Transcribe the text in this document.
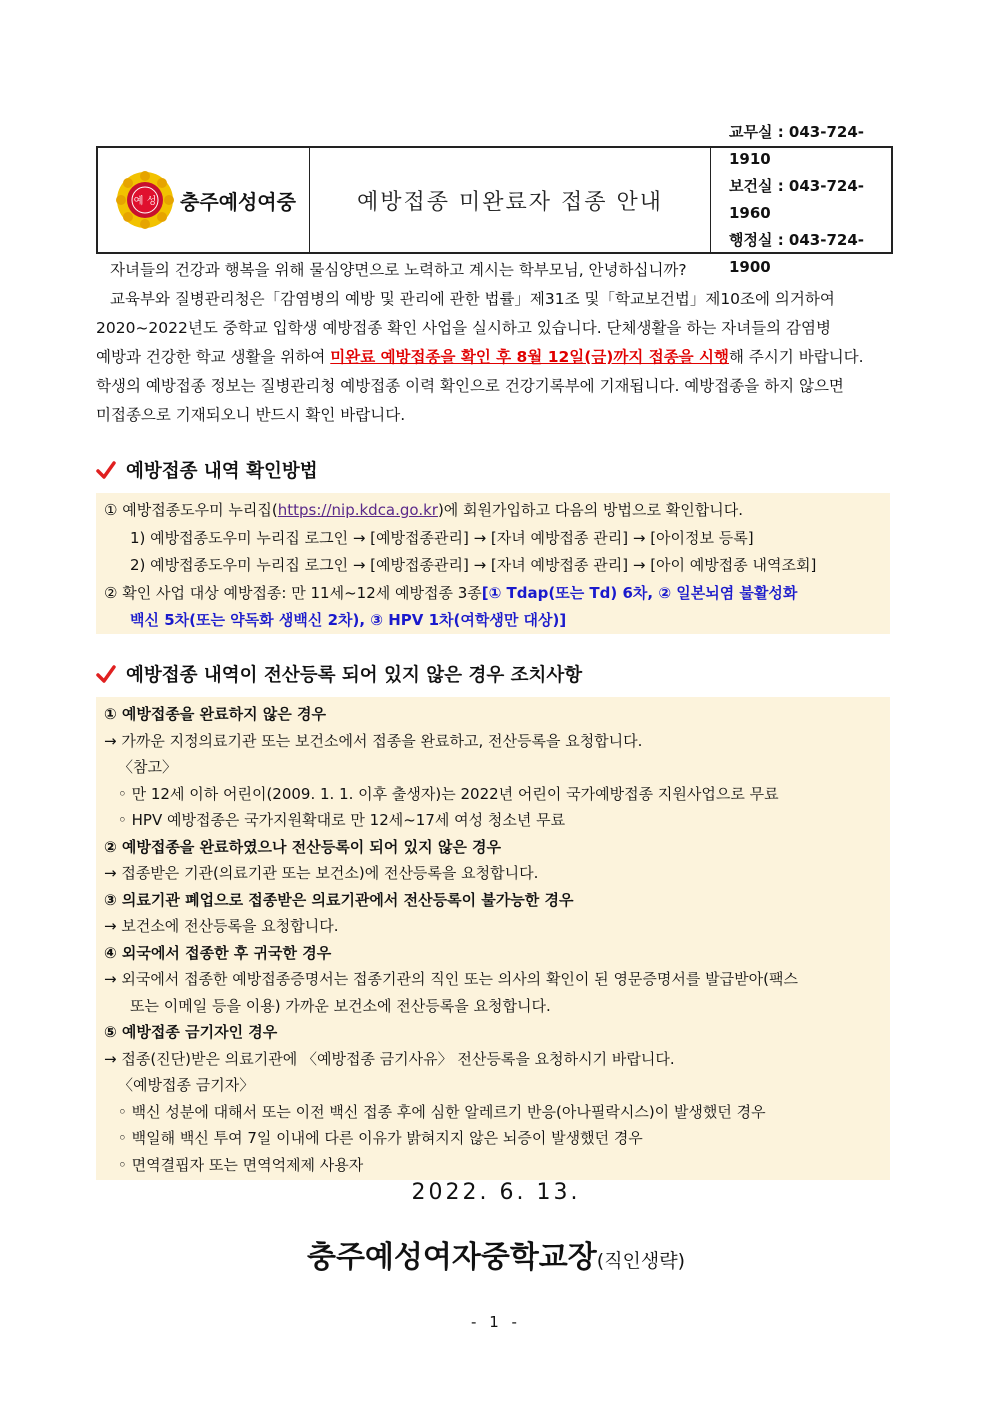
예 성 충주예성여중	예방접종 미완료자 접종 안내
교무실 : 043-724-1910
보건실 : 043-724-1960
행정실 : 043-724-1900

자녀들의 건강과 행복을 위해 물심양면으로 노력하고 계시는 학부모님, 안녕하십니까?

교육부와 질병관리청은「감염병의 예방 및 관리에 관한 법률」제31조 및「학교보건법」제10조에 의거하여

2020~2022년도 중학교 입학생 예방접종 확인 사업을 실시하고 있습니다. 단체생활을 하는 자녀들의 감염병

예방과 건강한 학교 생활을 위하여 미완료 예방접종을 확인 후 8월 12일(금)까지 접종을 시행해 주시기 바랍니다.

학생의 예방접종 정보는 질병관리청 예방접종 이력 확인으로 건강기록부에 기재됩니다. 예방접종을 하지 않으면

미접종으로 기재되오니 반드시 확인 바랍니다.

예방접종 내역 확인방법
① 예방접종도우미 누리집(https://nip.kdca.go.kr)에 회원가입하고 다음의 방법으로 확인합니다.
1) 예방접종도우미 누리집 로그인 → [예방접종관리] → [자녀 예방접종 관리] → [아이정보 등록]
2) 예방접종도우미 누리집 로그인 → [예방접종관리] → [자녀 예방접종 관리] → [아이 예방접종 내역조회]
② 확인 사업 대상 예방접종: 만 11세~12세 예방접종 3종[① Tdap(또는 Td) 6차, ② 일본뇌염 불활성화
백신 5차(또는 약독화 생백신 2차), ③ HPV 1차(여학생만 대상)]
예방접종 내역이 전산등록 되어 있지 않은 경우 조치사항
① 예방접종을 완료하지 않은 경우
→ 가까운 지정의료기관 또는 보건소에서 접종을 완료하고, 전산등록을 요청합니다.
〈참고〉
◦ 만 12세 이하 어린이(2009. 1. 1. 이후 출생자)는 2022년 어린이 국가예방접종 지원사업으로 무료
◦ HPV 예방접종은 국가지원확대로 만 12세~17세 여성 청소년 무료
② 예방접종을 완료하였으나 전산등록이 되어 있지 않은 경우
→ 접종받은 기관(의료기관 또는 보건소)에 전산등록을 요청합니다.
③ 의료기관 폐업으로 접종받은 의료기관에서 전산등록이 불가능한 경우
→ 보건소에 전산등록을 요청합니다.
④ 외국에서 접종한 후 귀국한 경우
→ 외국에서 접종한 예방접종증명서는 접종기관의 직인 또는 의사의 확인이 된 영문증명서를 발급받아(팩스
또는 이메일 등을 이용) 가까운 보건소에 전산등록을 요청합니다.
⑤ 예방접종 금기자인 경우
→ 접종(진단)받은 의료기관에 〈예방접종 금기사유〉 전산등록을 요청하시기 바랍니다.
〈예방접종 금기자〉
◦ 백신 성분에 대해서 또는 이전 백신 접종 후에 심한 알레르기 반응(아나필락시스)이 발생했던 경우
◦ 백일해 백신 투여 7일 이내에 다른 이유가 밝혀지지 않은 뇌증이 발생했던 경우
◦ 면역결핍자 또는 면역억제제 사용자
2022. 6. 13.
충주예성여자중학교장(직인생략)
- 1 -
